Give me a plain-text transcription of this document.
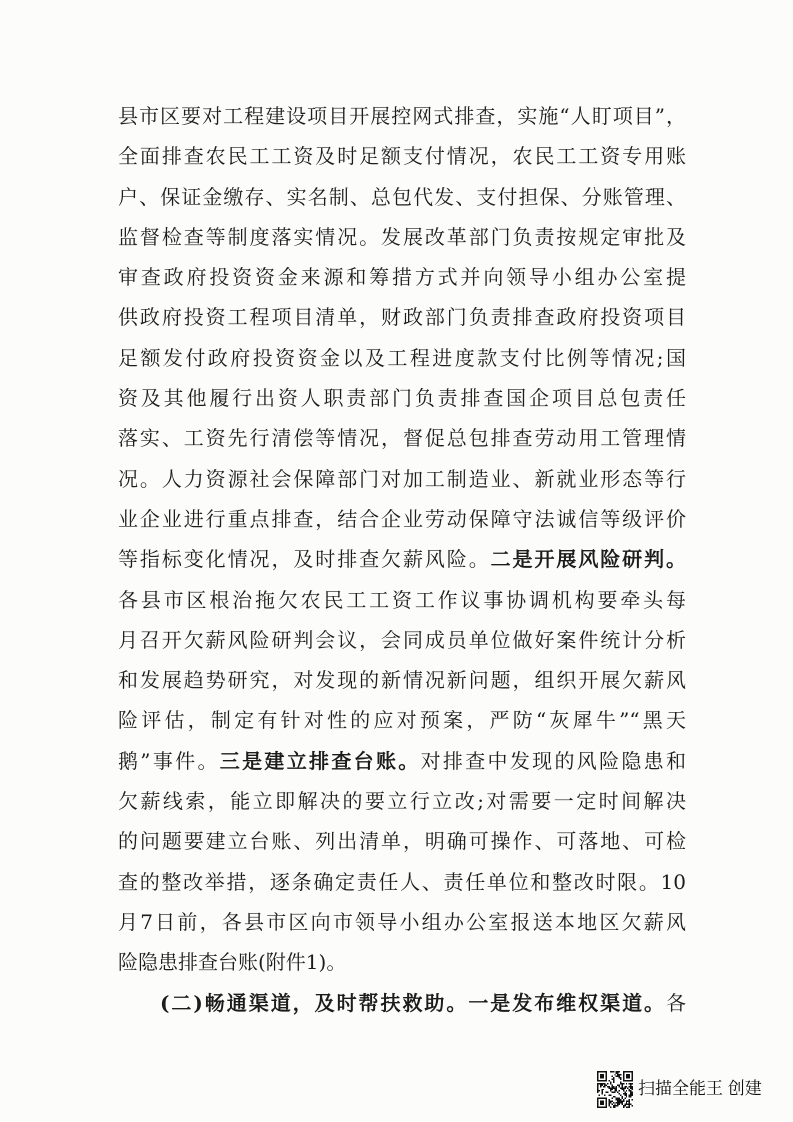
县市区要对工程建设项目开展控网式排查，实施“人盯项目”，
全面排查农民工工资及时足额支付情况，农民工工资专用账
户、保证金缴存、实名制、总包代发、支付担保、分账管理、
监督检查等制度落实情况。发展改革部门负责按规定审批及
审查政府投资资金来源和筹措方式并向领导小组办公室提
供政府投资工程项目清单，财政部门负责排查政府投资项目
足额发付政府投资资金以及工程进度款支付比例等情况;国
资及其他履行出资人职责部门负责排查国企项目总包责任
落实、工资先行清偿等情况，督促总包排查劳动用工管理情
况。人力资源社会保障部门对加工制造业、新就业形态等行
业企业进行重点排查，结合企业劳动保障守法诚信等级评价
等指标变化情况，及时排查欠薪风险。二是开展风险研判。
各县市区根治拖欠农民工工资工作议事协调机构要牵头每
月召开欠薪风险研判会议，会同成员单位做好案件统计分析
和发展趋势研究，对发现的新情况新问题，组织开展欠薪风
险评估，制定有针对性的应对预案，严防“灰犀牛”“黑天
鹅”事件。三是建立排查台账。对排查中发现的风险隐患和
欠薪线索，能立即解决的要立行立改;对需要一定时间解决
的问题要建立台账、列出清单，明确可操作、可落地、可检
查的整改举措，逐条确定责任人、责任单位和整改时限。10
月7日前，各县市区向市领导小组办公室报送本地区欠薪风
险隐患排查台账(附件1)。
(二)畅通渠道，及时帮扶救助。一是发布维权渠道。各
扫描全能王 创建
